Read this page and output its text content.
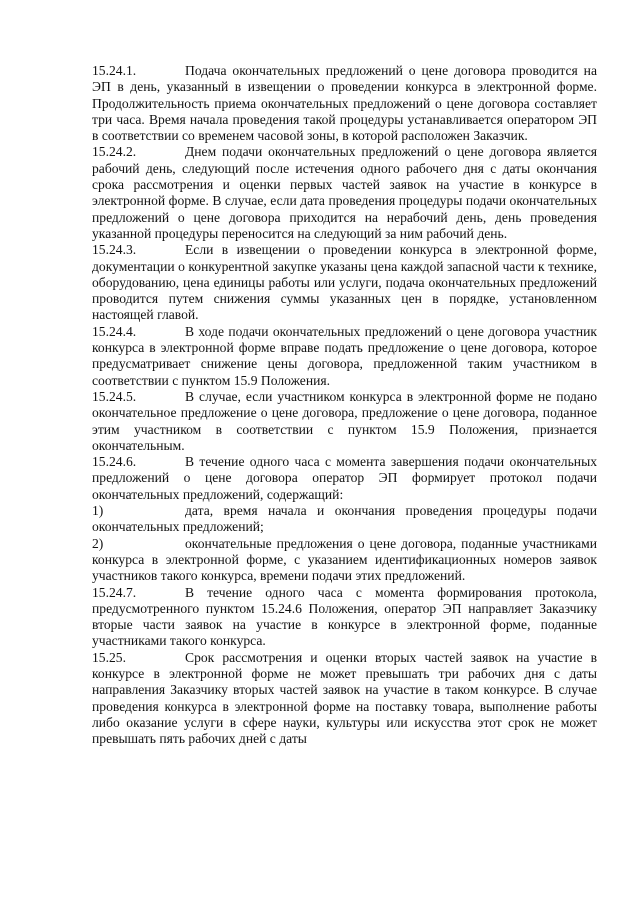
15.24.1.	Подача окончательных предложений о цене договора проводится на ЭП в день, указанный в извещении о проведении конкурса в электронной форме. Продолжительность приема окончательных предложений о цене договора составляет три часа. Время начала проведения такой процедуры устанавливается оператором ЭП в соответствии со временем часовой зоны, в которой расположен Заказчик.

15.24.2.	Днем подачи окончательных предложений о цене договора является рабочий день, следующий после истечения одного рабочего дня с даты окончания срока рассмотрения и оценки первых частей заявок на участие в конкурсе в электронной форме. В случае, если дата проведения процедуры подачи окончательных предложений о цене договора приходится на нерабочий день, день проведения указанной процедуры переносится на следующий за ним рабочий день.

15.24.3.	Если в извещении о проведении конкурса в электронной форме, документации о конкурентной закупке указаны цена каждой запасной части к технике, оборудованию, цена единицы работы или услуги, подача окончательных предложений проводится путем снижения суммы указанных цен в порядке, установленном настоящей главой.

15.24.4.	В ходе подачи окончательных предложений о цене договора участник конкурса в электронной форме вправе подать предложение о цене договора, которое предусматривает снижение цены договора, предложенной таким участником в соответствии с пунктом 15.9 Положения.

15.24.5.	В случае, если участником конкурса в электронной форме не подано окончательное предложение о цене договора, предложение о цене договора, поданное этим участником в соответствии с пунктом 15.9 Положения, признается окончательным.

15.24.6.	В течение одного часа с момента завершения подачи окончательных предложений о цене договора оператор ЭП формирует протокол подачи окончательных предложений, содержащий:

1)	дата, время начала и окончания проведения процедуры подачи окончательных предложений;

2)	окончательные предложения о цене договора, поданные участниками конкурса в электронной форме, с указанием идентификационных номеров заявок участников такого конкурса, времени подачи этих предложений.

15.24.7.	В течение одного часа с момента формирования протокола, предусмотренного пунктом 15.24.6 Положения, оператор ЭП направляет Заказчику вторые части заявок на участие в конкурсе в электронной форме, поданные участниками такого конкурса.

15.25.	Срок рассмотрения и оценки вторых частей заявок на участие в конкурсе в электронной форме не может превышать три рабочих дня с даты направления Заказчику вторых частей заявок на участие в таком конкурсе. В случае проведения конкурса в электронной форме на поставку товара, выполнение работы либо оказание услуги в сфере науки, культуры или искусства этот срок не может превышать пять рабочих дней с даты
